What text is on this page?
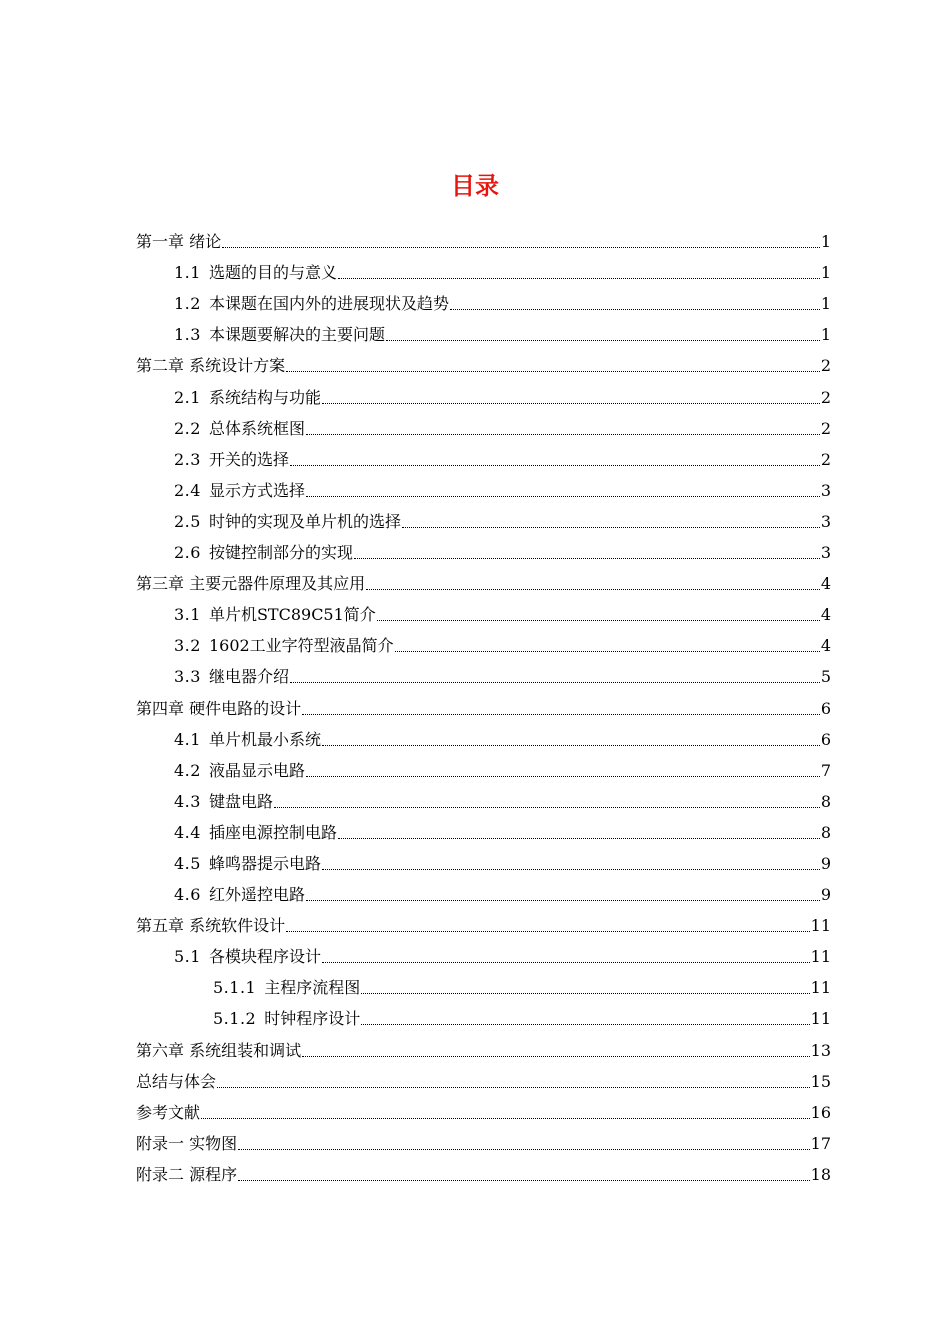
目录
第一章 绪论	1
1.1 选题的目的与意义	1
1.2 本课题在国内外的进展现状及趋势	1
1.3 本课题要解决的主要问题	1
第二章 系统设计方案	2
2.1 系统结构与功能	2
2.2 总体系统框图	2
2.3 开关的选择	2
2.4 显示方式选择	3
2.5 时钟的实现及单片机的选择	3
2.6 按键控制部分的实现	3
第三章 主要元器件原理及其应用	4
3.1 单片机STC89C51简介	4
3.2 1602工业字符型液晶简介	4
3.3 继电器介绍	5
第四章 硬件电路的设计	6
4.1 单片机最小系统	6
4.2 液晶显示电路	7
4.3 键盘电路	8
4.4 插座电源控制电路	8
4.5 蜂鸣器提示电路	9
4.6 红外遥控电路	9
第五章 系统软件设计	11
5.1 各模块程序设计	11
5.1.1 主程序流程图	11
5.1.2 时钟程序设计	11
第六章 系统组装和调试	13
总结与体会	15
参考文献	16
附录一 实物图	17
附录二 源程序	18
